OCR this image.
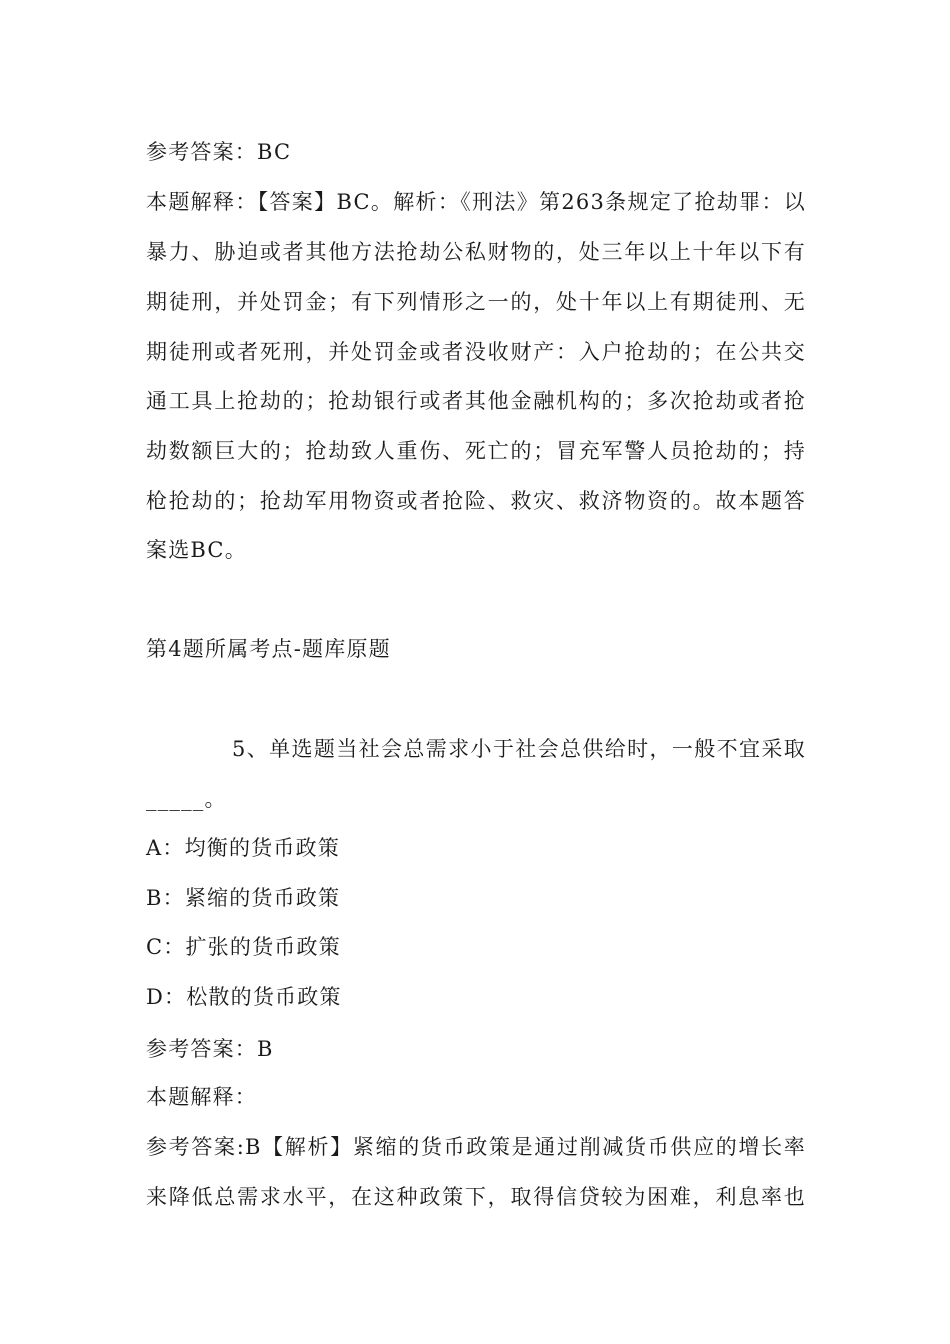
参考答案：BC
本题解释：【答案】BC。解析：《刑法》第263条规定了抢劫罪：以
暴力、胁迫或者其他方法抢劫公私财物的，处三年以上十年以下有
期徒刑，并处罚金；有下列情形之一的，处十年以上有期徒刑、无
期徒刑或者死刑，并处罚金或者没收财产：入户抢劫的；在公共交
通工具上抢劫的；抢劫银行或者其他金融机构的；多次抢劫或者抢
劫数额巨大的；抢劫致人重伤、死亡的；冒充军警人员抢劫的；持
枪抢劫的；抢劫军用物资或者抢险、救灾、救济物资的。故本题答
案选BC。
第4题所属考点-题库原题
5、单选题当社会总需求小于社会总供给时，一般不宜采取
_____。
A：均衡的货币政策
B：紧缩的货币政策
C：扩张的货币政策
D：松散的货币政策
参考答案：B
本题解释：
参考答案:B【解析】紧缩的货币政策是通过削减货币供应的增长率
来降低总需求水平，在这种政策下，取得信贷较为困难，利息率也
